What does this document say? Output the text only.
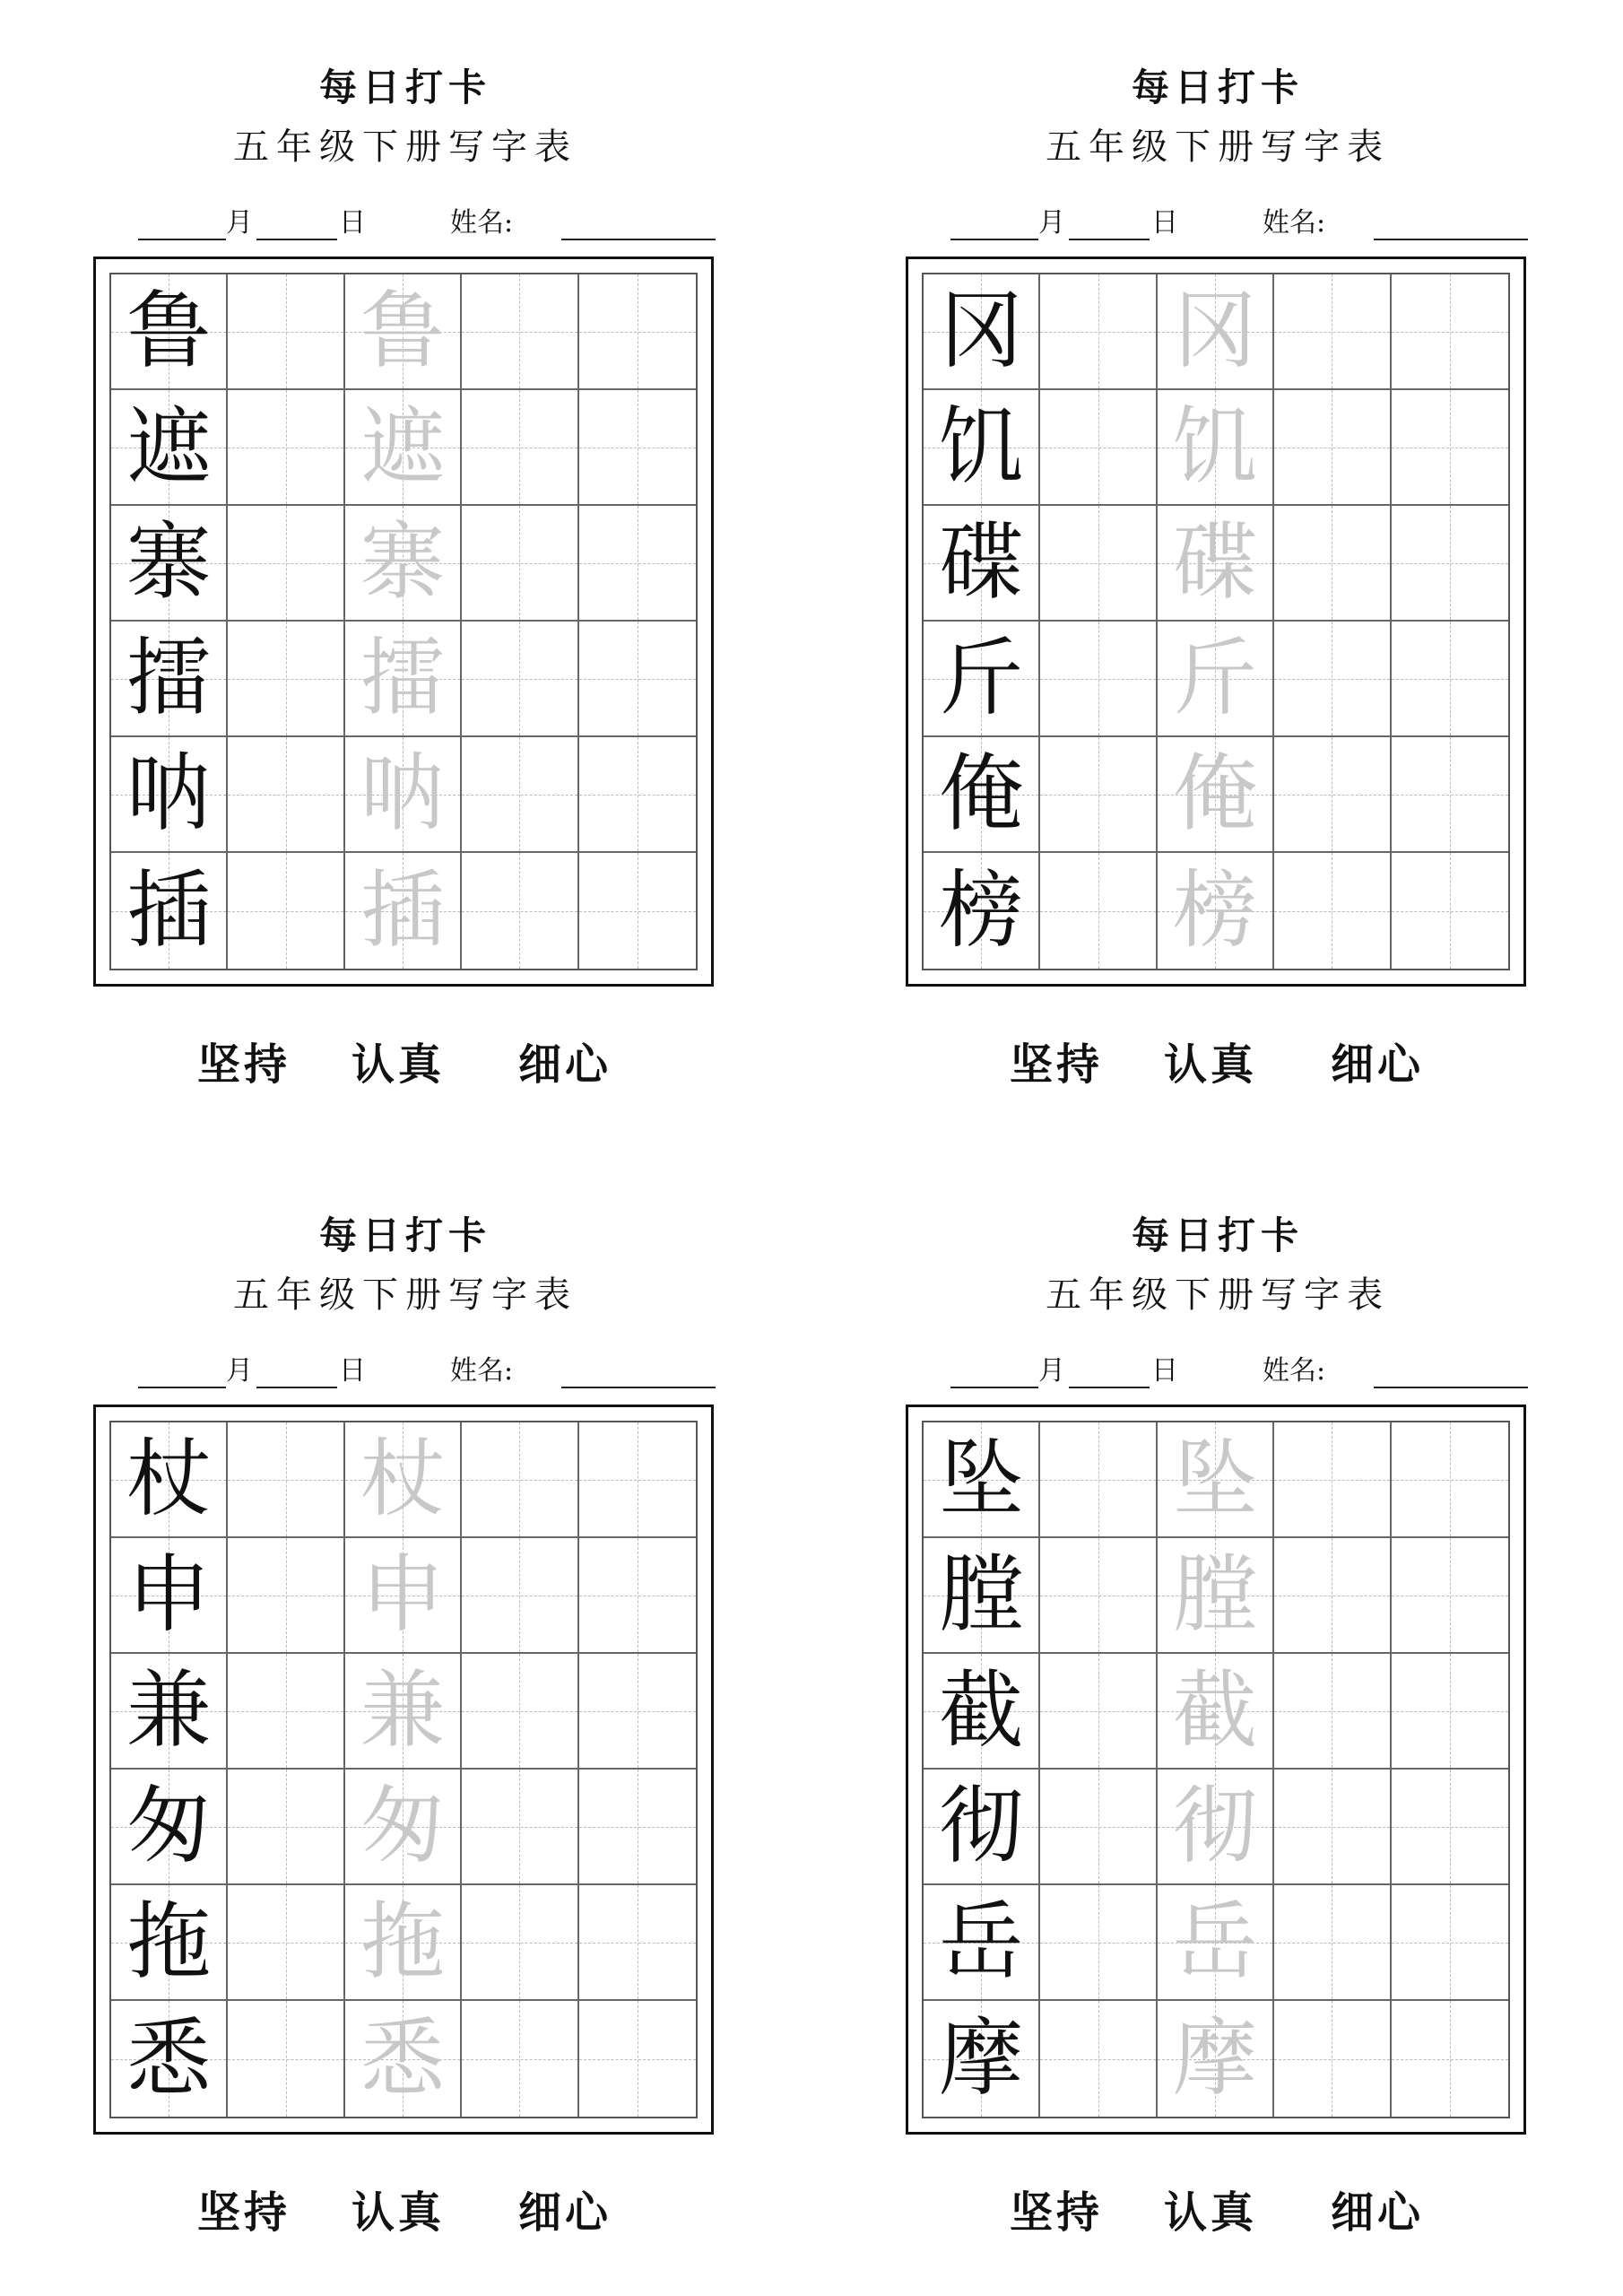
每日打卡
五年级下册写字表
月	日	姓名:
鲁 鲁
遮 遮
寨 寨
擂 擂
呐 呐
插 插
坚持 认真 细心
每日打卡
五年级下册写字表
月	日	姓名:
冈 冈
饥 饥
碟 碟
斤 斤
俺 俺
榜 榜
坚持 认真 细心
每日打卡
五年级下册写字表
月	日	姓名:
杖 杖
申 申
兼 兼
匆 匆
拖 拖
悉 悉
坚持 认真 细心
每日打卡
五年级下册写字表
月	日	姓名:
坠 坠
膛 膛
截 截
彻 彻
岳 岳
摩 摩
坚持 认真 细心
